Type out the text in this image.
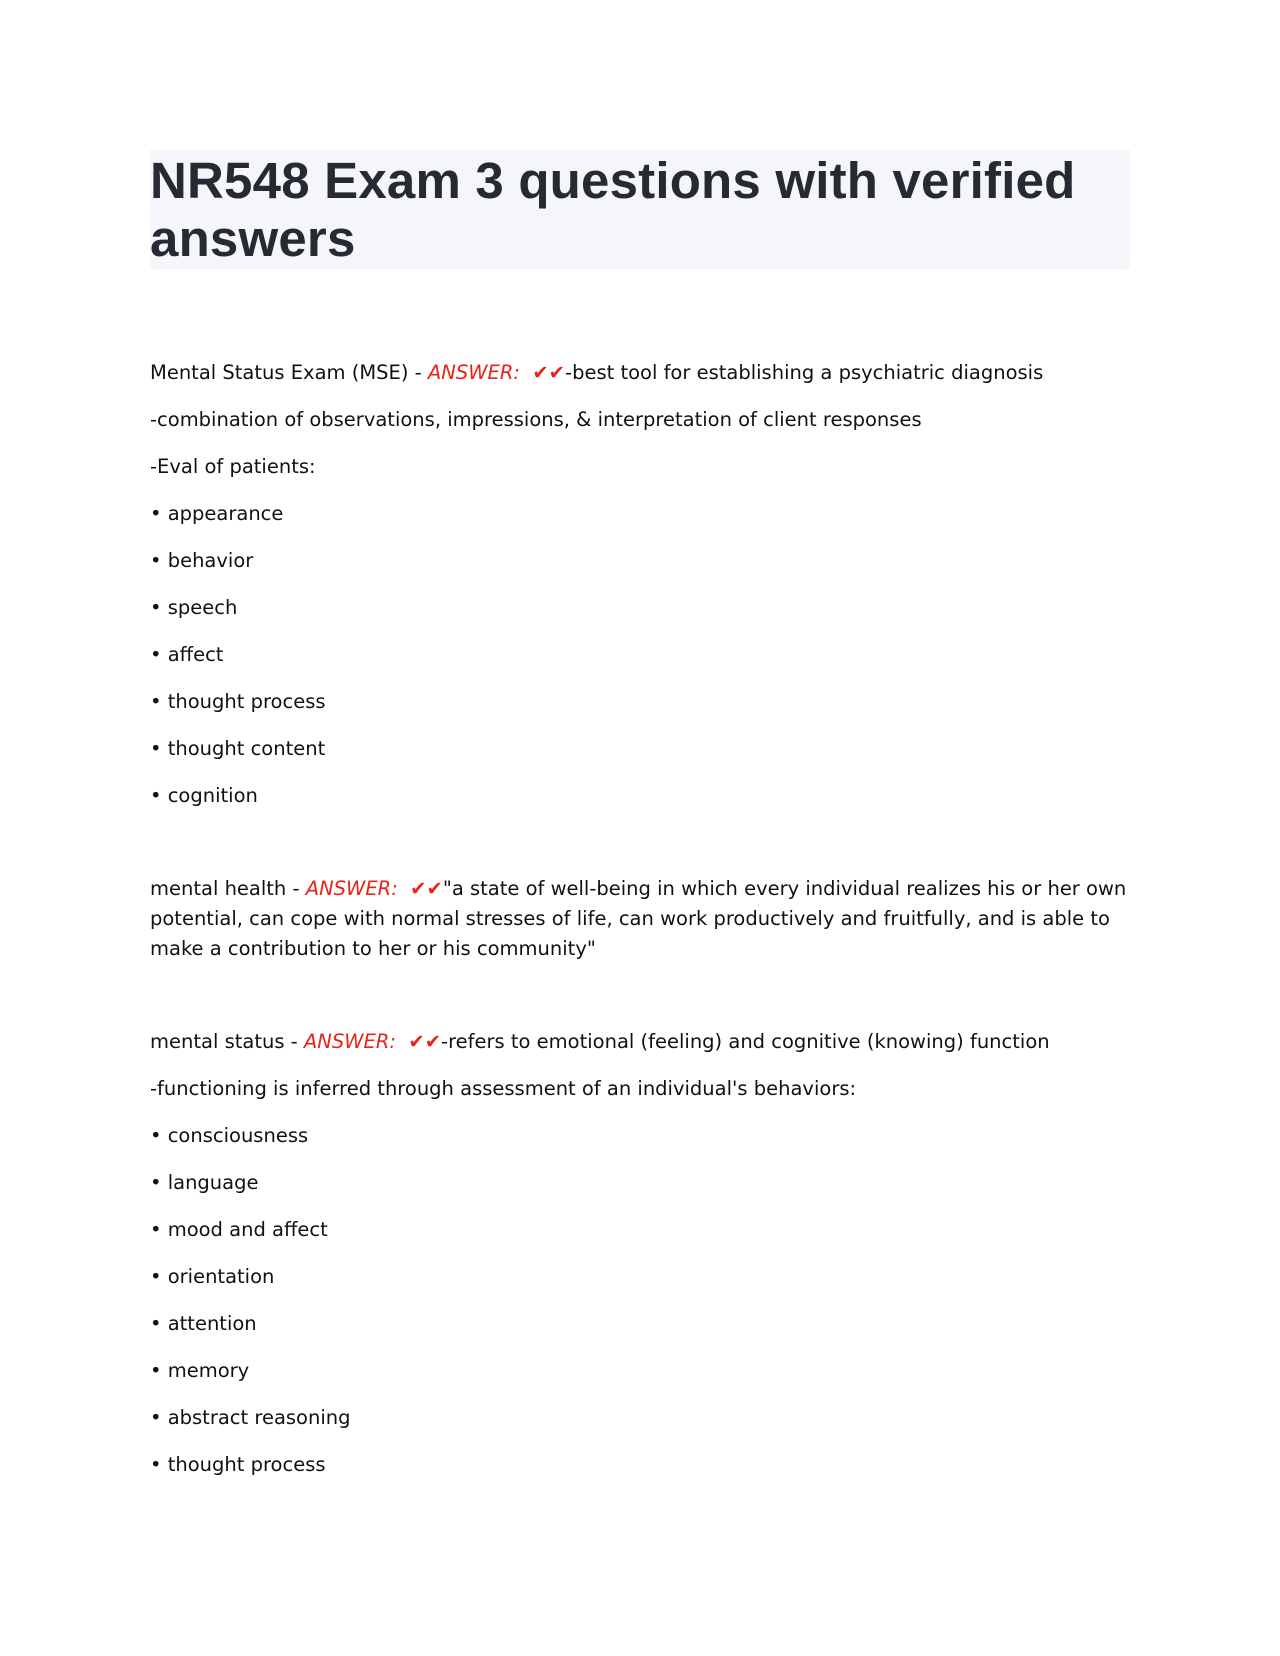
NR548 Exam 3 questions with verified answers

Mental Status Exam (MSE) - ANSWER: ✔✔-best tool for establishing a psychiatric diagnosis

-combination of observations, impressions, & interpretation of client responses

-Eval of patients:

• appearance

• behavior

• speech

• affect

• thought process

• thought content

• cognition

mental health - ANSWER: ✔✔"a state of well-being in which every individual realizes his or her own potential, can cope with normal stresses of life, can work productively and fruitfully, and is able to make a contribution to her or his community"

mental status - ANSWER: ✔✔-refers to emotional (feeling) and cognitive (knowing) function

-functioning is inferred through assessment of an individual's behaviors:

• consciousness

• language

• mood and affect

• orientation

• attention

• memory

• abstract reasoning

• thought process
